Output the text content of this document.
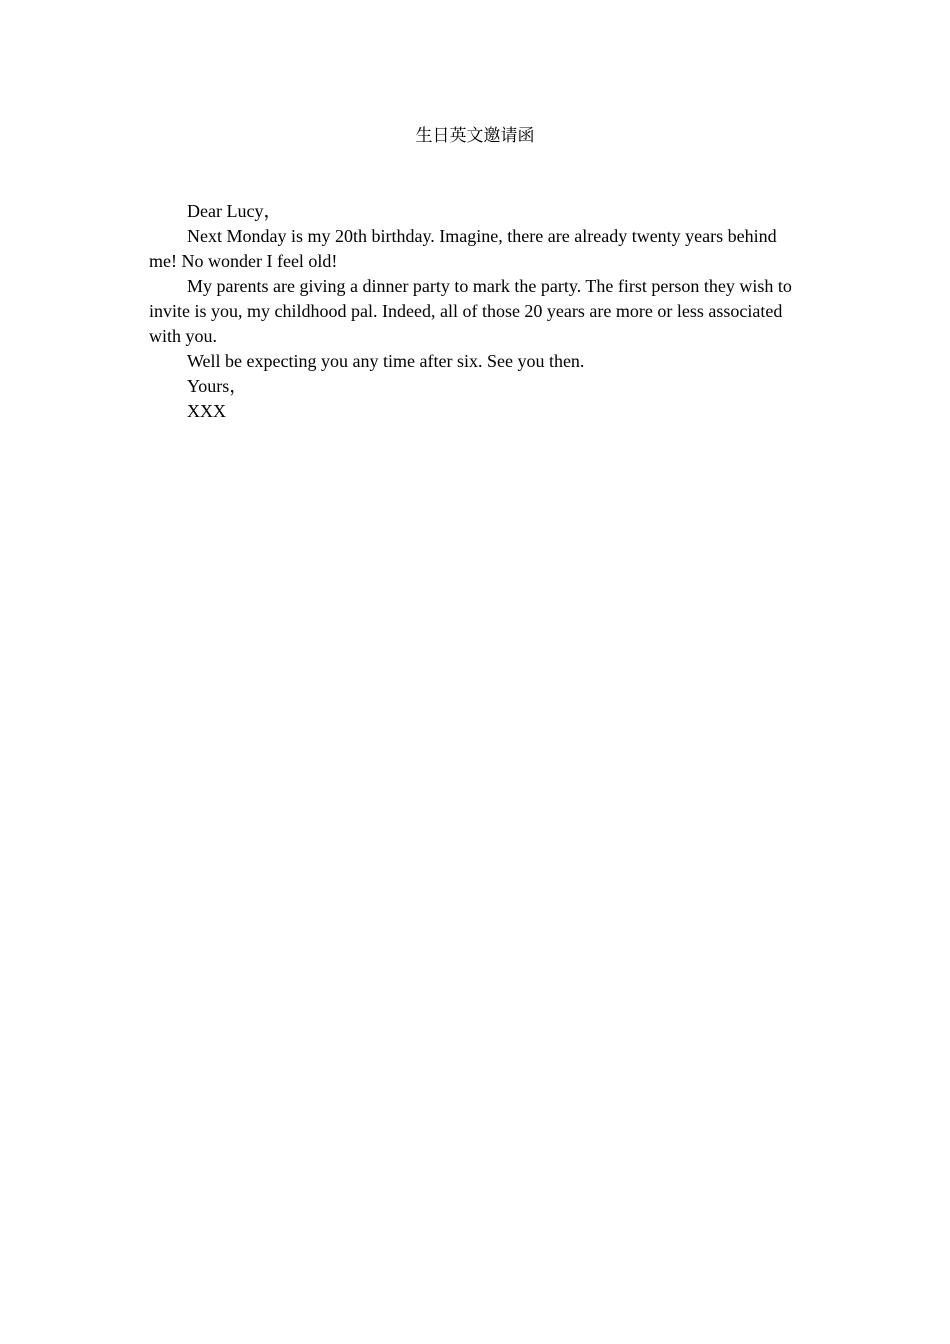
生日英文邀请函

Dear Lucy，

Next Monday is my 20th birthday. Imagine, there are already twenty years behind me! No wonder I feel old!

My parents are giving a dinner party to mark the party. The first person they wish to invite is you, my childhood pal. Indeed, all of those 20 years are more or less associated with you.

Well be expecting you any time after six. See you then.

Yours，

XXX
